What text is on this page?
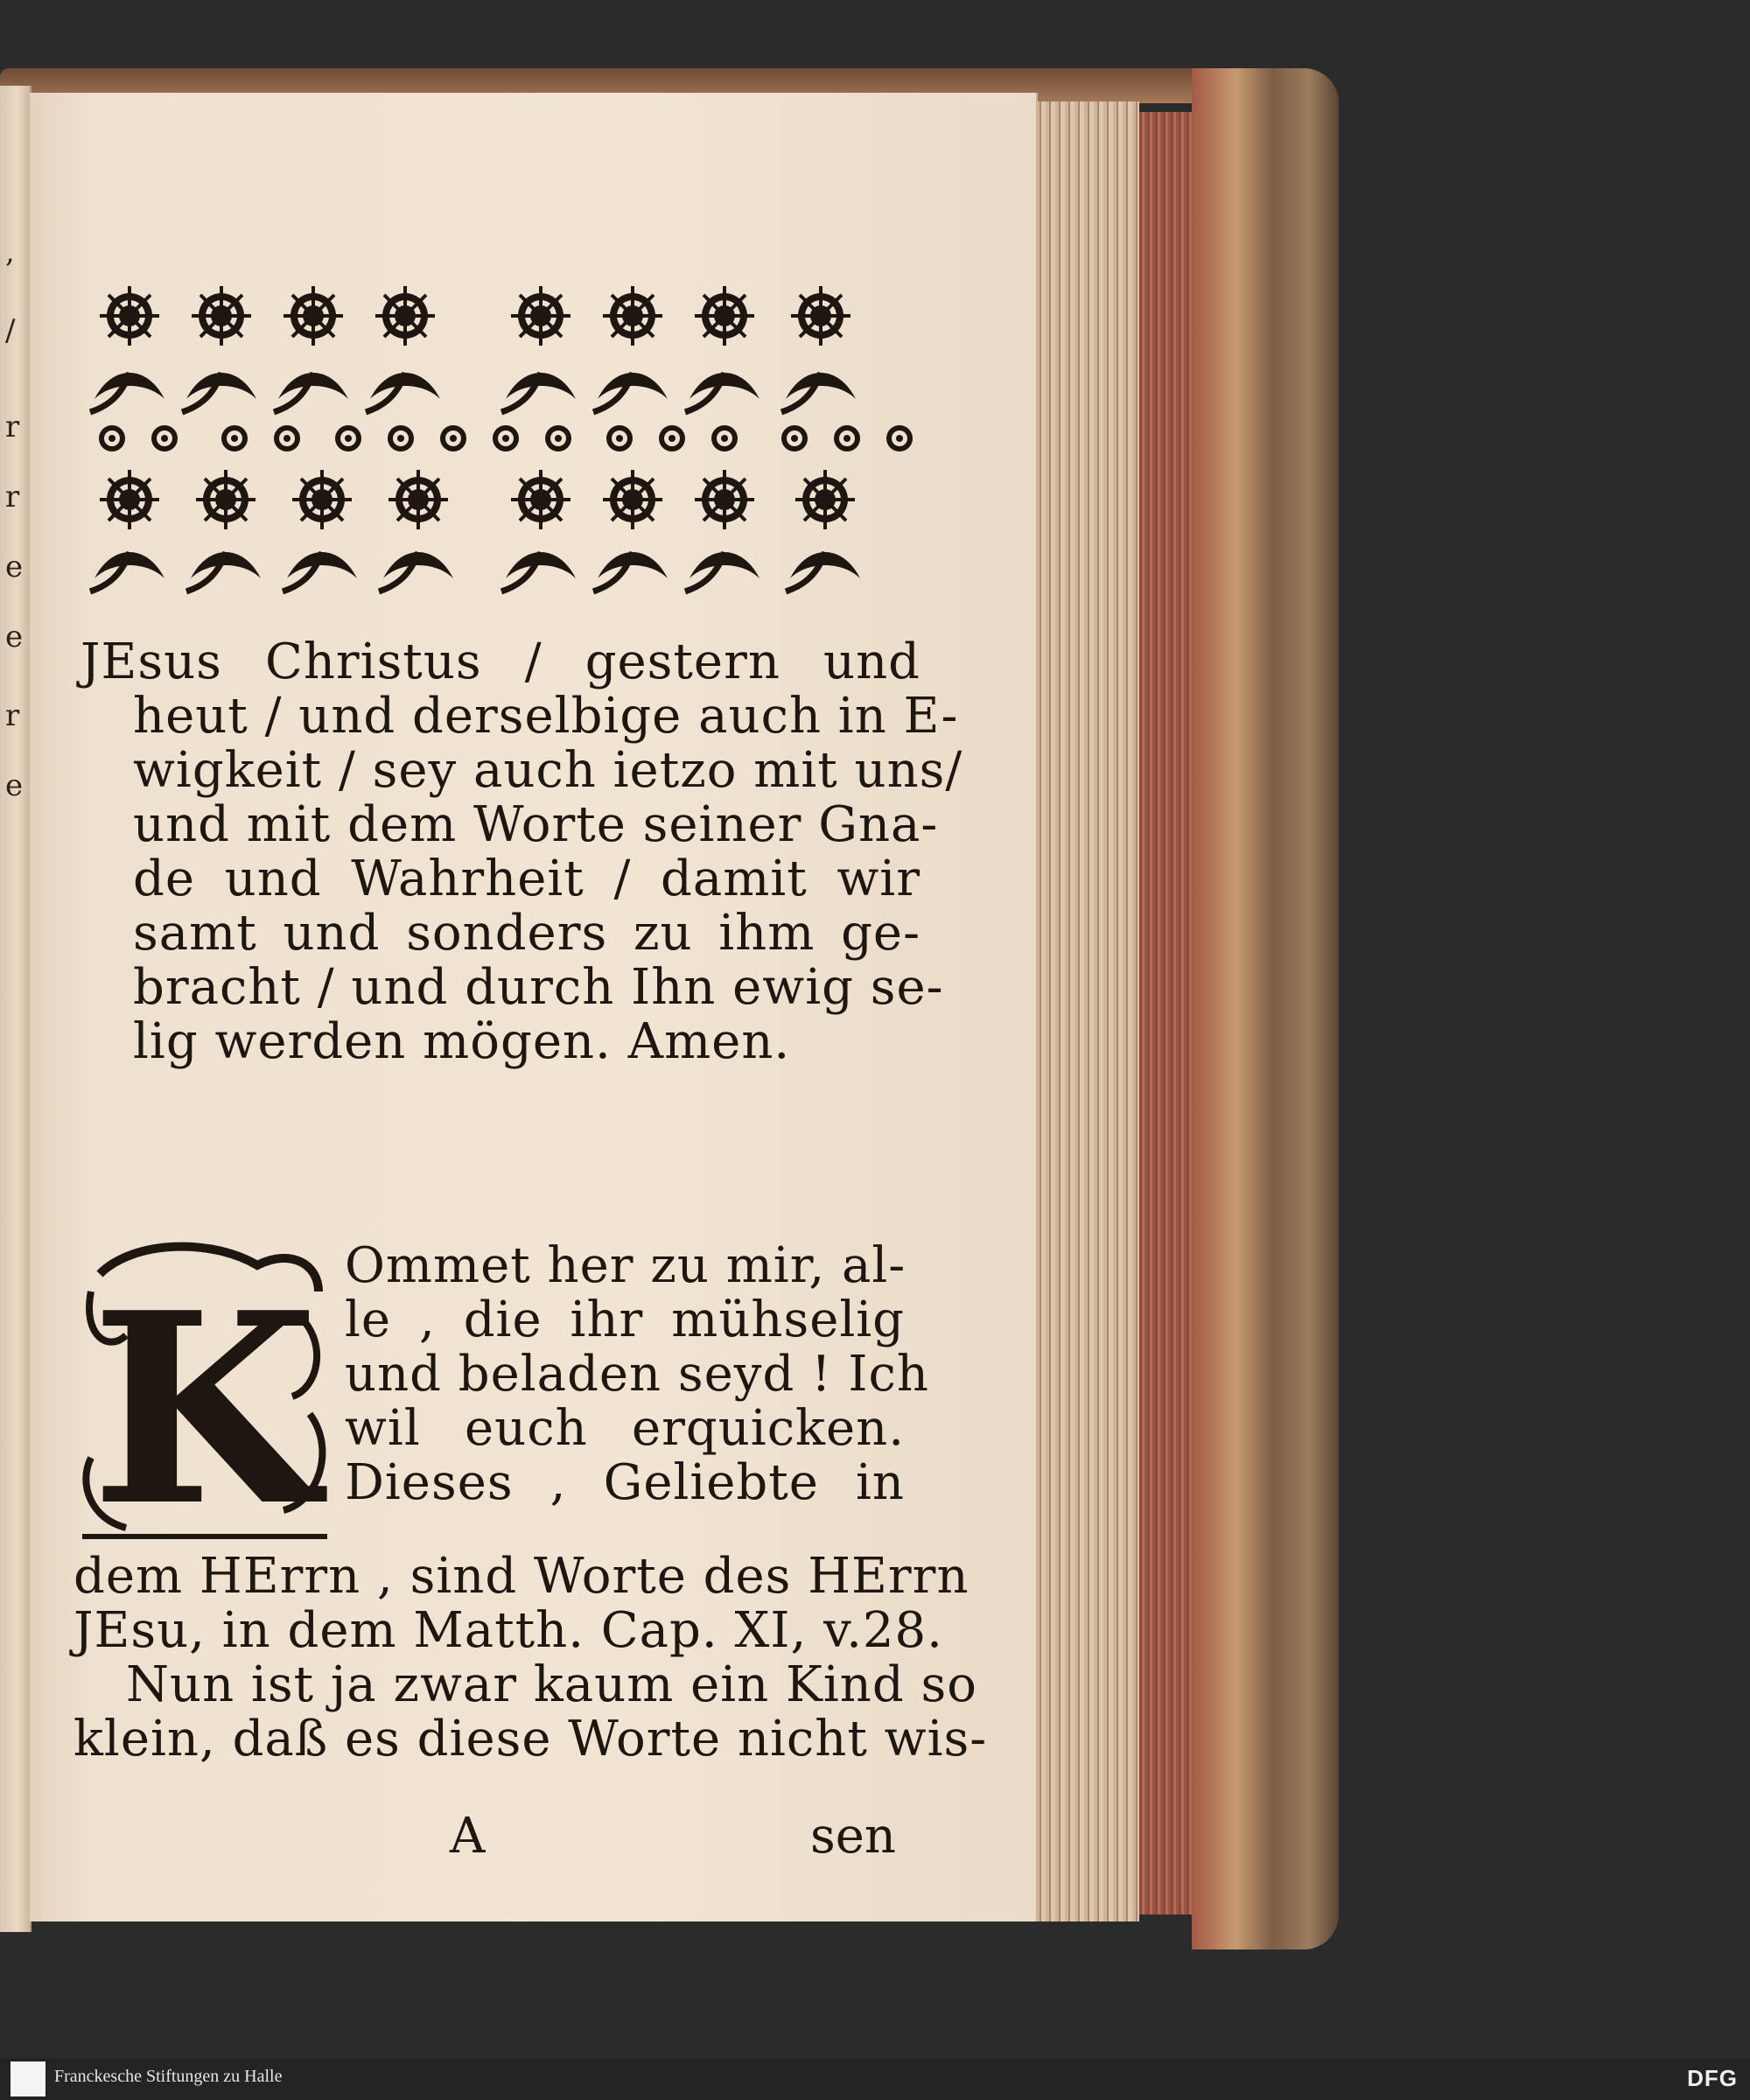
,
/
r
r
e
e
r
e
JEsus Christus / gestern und
heut / und derselbige auch in E-
wigkeit / sey auch ietzo mit uns/
und mit dem Worte seiner Gna-
de und Wahrheit / damit wir
samt und sonders zu ihm ge-
bracht / und durch Ihn ewig se-
lig werden mögen. Amen.
K Ommet her zu mir, al-
le , die ihr mühselig
und beladen seyd ! Ich
wil euch erquicken.
Dieses , Geliebte in
dem HErrn , sind Worte des HErrn
JEsu, in dem Matth. Cap. XI, v.28.
Nun ist ja zwar kaum ein Kind so
klein, daß es diese Worte nicht wis-
A	sen
Franckesche Stiftungen zu Halle	DFG
